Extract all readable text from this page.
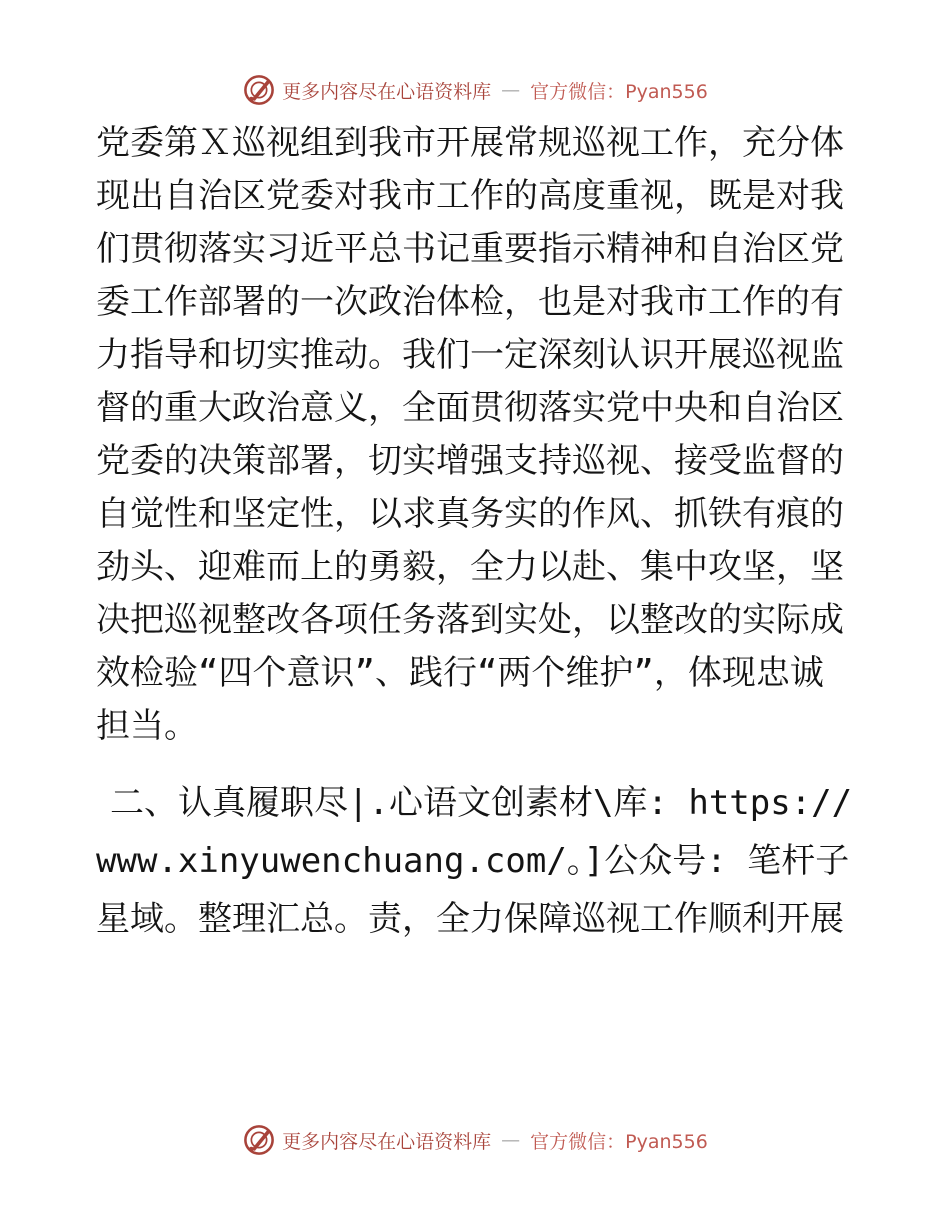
更多内容尽在心语资料库 — 官方微信：Pyan556

党委第Ｘ巡视组到我市开展常规巡视工作，充分体现出自治区党委对我市工作的高度重视，既是对我们贯彻落实习近平总书记重要指示精神和自治区党委工作部署的一次政治体检，也是对我市工作的有力指导和切实推动。我们一定深刻认识开展巡视监督的重大政治意义，全面贯彻落实党中央和自治区党委的决策部署，切实增强支持巡视、接受监督的自觉性和坚定性，以求真务实的作风、抓铁有痕的劲头、迎难而上的勇毅，全力以赴、集中攻坚，坚决把巡视整改各项任务落到实处，以整改的实际成效检验“四个意识”、践行“两个维护”，体现忠诚担当。

二、认真履职尽|.心语文创素材\库: https:// www.xinyuwenchuang.com/。]公众号: 笔杆子星域。整理汇总。责，全力保障巡视工作顺利开展

更多内容尽在心语资料库 — 官方微信：Pyan556
